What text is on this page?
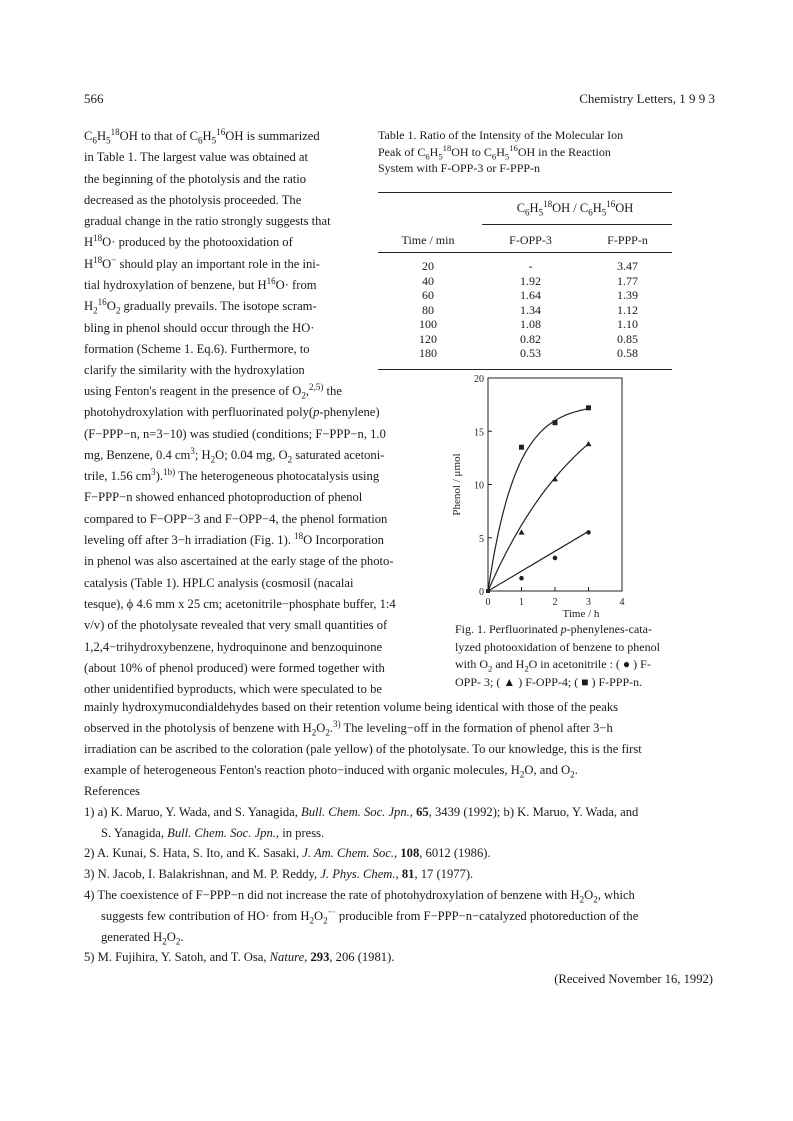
566	Chemistry Letters, 1 9 9 3
$C_6H_5^{18}OH$ to that of $C_6H_5^{16}OH$ is summarized
in Table 1. The largest value was obtained at
the beginning of the photolysis and the ratio
decreased as the photolysis proceeded. The
gradual change in the ratio strongly suggests that
$H^{18}O\cdot$ produced by the photooxidation of
$H^{18}O^-$ should play an important role in the ini-
tial hydroxylation of benzene, but $H^{16}O\cdot$ from
$H_2^{16}O_2$ gradually prevails. The isotope scram-
bling in phenol should occur through the HO·
formation (Scheme 1. Eq.6). Furthermore, to
clarify the similarity with the hydroxylation
using Fenton's reagent in the presence of $O_2,^{2,5)}$ the
photohydroxylation with perfluorinated poly(p-phenylene)
(F−PPP−n, n=3−10) was studied (conditions; F−PPP−n, 1.0
mg, Benzene, 0.4 $cm^3$; $H_2O$; 0.04 mg, $O_2$ saturated acetoni-
trile, 1.56 $cm^3).^{1b)}$ The heterogeneous photocatalysis using
F−PPP−n showed enhanced photoproduction of phenol
compared to F−OPP−3 and F−OPP−4, the phenol formation
leveling off after 3−h irradiation (Fig. 1). $^{18}$O Incorporation
in phenol was also ascertained at the early stage of the photo-
catalysis (Table 1). HPLC analysis (cosmosil (nacalai
tesque), ϕ 4.6 mm x 25 cm; acetonitrile−phosphate buffer, 1:4
v/v) of the photolysate revealed that very small quantities of
1,2,4−trihydroxybenzene, hydroquinone and benzoquinone
(about 10% of phenol produced) were formed together with
other unidentified byproducts, which were speculated to be
mainly hydroxymucondialdehydes based on their retention volume being identical with those of the peaks
observed in the photolysis of benzene with $H_2O_2.^{3)}$ The leveling−off in the formation of phenol after 3−h
irradiation can be ascribed to the coloration (pale yellow) of the photolysate. To our knowledge, this is the first
example of heterogeneous Fenton's reaction photo−induced with organic molecules, $H_2O$, and $O_2$.
Table 1. Ratio of the Intensity of the Molecular Ion
Peak of $C_6H_5^{18}OH$ to $C_6H_5^{16}OH$ in the Reaction
System with F-OPP-3 or F-PPP-n
$C_6H_5^{18}OH / C_6H_5^{16}OH$
Time / min	F-OPP-3	F-PPP-n
20	-	3.47
40	1.92	1.77
60	1.64	1.39
80	1.34	1.12
100	1.08	1.10
120	0.82	0.85
180	0.53	0.58
0	1	2	3	4
0
5
10
15
20
Time / h
Phenol / μmol
Fig. 1. Perfluorinated p-phenylenes-cata-
lyzed photooxidation of benzene to phenol
with $O_2$ and $H_2O$ in acetonitrile : ( ● ) F-
OPP- 3; ( ▲ ) F-OPP-4; ( ■ ) F-PPP-n.
References
1) a) K. Maruo, Y. Wada, and S. Yanagida, Bull. Chem. Soc. Jpn., 65, 3439 (1992); b) K. Maruo, Y. Wada, and
S. Yanagida, Bull. Chem. Soc. Jpn., in press.
2) A. Kunai, S. Hata, S. Ito, and K. Sasaki, J. Am. Chem. Soc., 108, 6012 (1986).
3) N. Jacob, I. Balakrishnan, and M. P. Reddy, J. Phys. Chem., 81, 17 (1977).
4) The coexistence of F−PPP−n did not increase the rate of photohydroxylation of benzene with $H_2O_2$, which
suggests few contribution of HO· from $H_2O_2^{-\cdot}$ producible from F−PPP−n−catalyzed photoreduction of the
generated $H_2O_2$.
5) M. Fujihira, Y. Satoh, and T. Osa, Nature, 293, 206 (1981).
(Received November 16, 1992)
